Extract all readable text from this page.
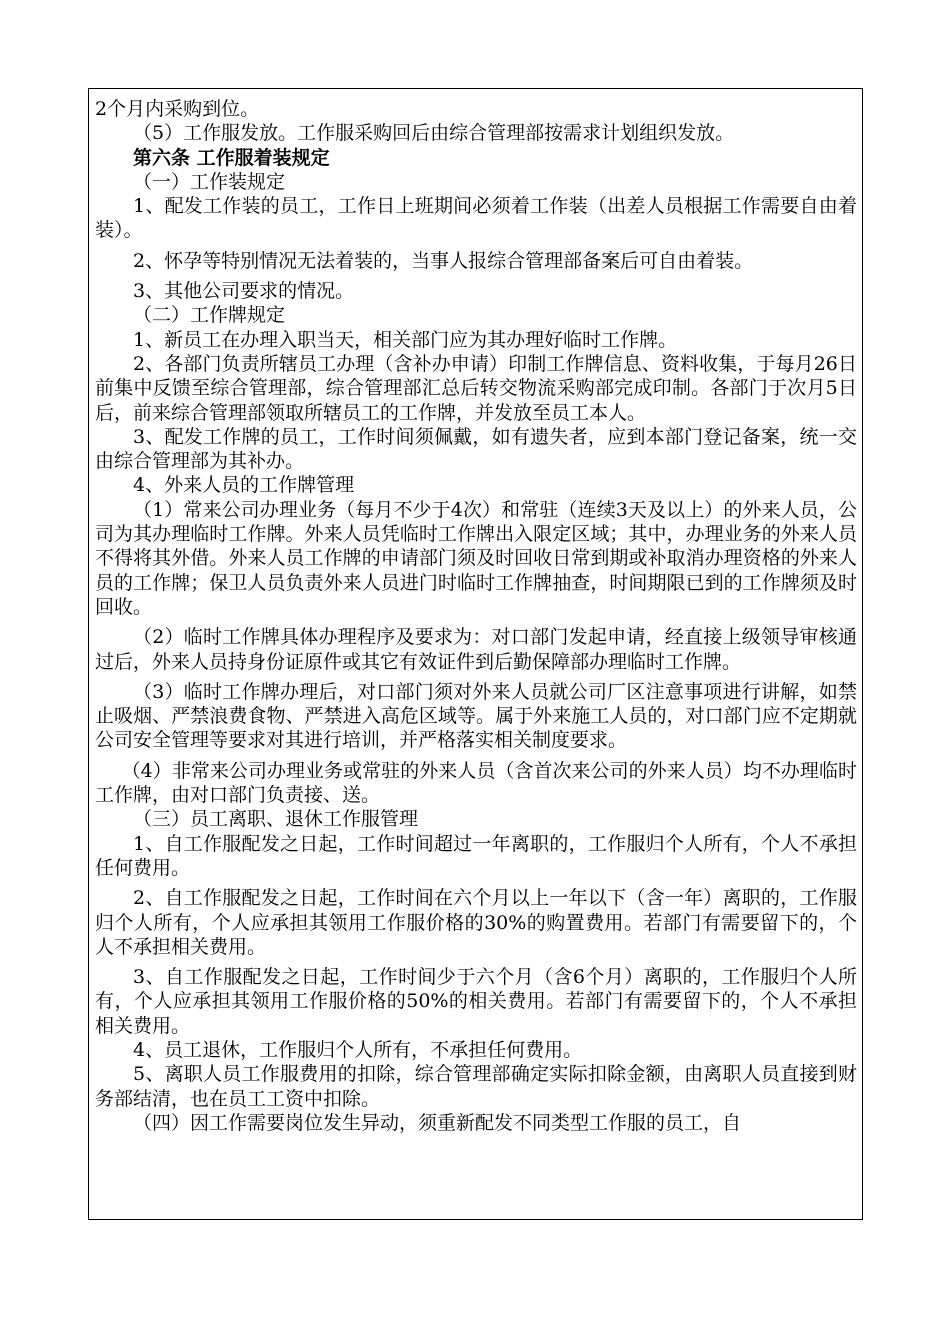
2个月内采购到位。

（5）工作服发放。工作服采购回后由综合管理部按需求计划组织发放。

第六条 工作服着装规定

（一）工作装规定

1、配发工作装的员工，工作日上班期间必须着工作装（出差人员根据工作需要自由着装）。

2、怀孕等特别情况无法着装的，当事人报综合管理部备案后可自由着装。

3、其他公司要求的情况。

（二）工作牌规定

1、新员工在办理入职当天，相关部门应为其办理好临时工作牌。

2、各部门负责所辖员工办理（含补办申请）印制工作牌信息、资料收集，于每月26日前集中反馈至综合管理部，综合管理部汇总后转交物流采购部完成印制。各部门于次月5日后，前来综合管理部领取所辖员工的工作牌，并发放至员工本人。

3、配发工作牌的员工，工作时间须佩戴，如有遗失者，应到本部门登记备案，统一交由综合管理部为其补办。

4、外来人员的工作牌管理

（1）常来公司办理业务（每月不少于4次）和常驻（连续3天及以上）的外来人员，公司为其办理临时工作牌。外来人员凭临时工作牌出入限定区域；其中，办理业务的外来人员不得将其外借。外来人员工作牌的申请部门须及时回收日常到期或补取消办理资格的外来人员的工作牌；保卫人员负责外来人员进门时临时工作牌抽查，时间期限已到的工作牌须及时回收。

（2）临时工作牌具体办理程序及要求为：对口部门发起申请，经直接上级领导审核通过后，外来人员持身份证原件或其它有效证件到后勤保障部办理临时工作牌。

（3）临时工作牌办理后，对口部门须对外来人员就公司厂区注意事项进行讲解，如禁止吸烟、严禁浪费食物、严禁进入高危区域等。属于外来施工人员的，对口部门应不定期就公司安全管理等要求对其进行培训，并严格落实相关制度要求。

（4）非常来公司办理业务或常驻的外来人员（含首次来公司的外来人员）均不办理临时工作牌，由对口部门负责接、送。

（三）员工离职、退休工作服管理

1、自工作服配发之日起，工作时间超过一年离职的，工作服归个人所有，个人不承担任何费用。

2、自工作服配发之日起，工作时间在六个月以上一年以下（含一年）离职的，工作服归个人所有，个人应承担其领用工作服价格的30%的购置费用。若部门有需要留下的，个人不承担相关费用。

3、自工作服配发之日起，工作时间少于六个月（含6个月）离职的，工作服归个人所有，个人应承担其领用工作服价格的50%的相关费用。若部门有需要留下的，个人不承担相关费用。

4、员工退休，工作服归个人所有，不承担任何费用。

5、离职人员工作服费用的扣除，综合管理部确定实际扣除金额，由离职人员直接到财务部结清，也在员工工资中扣除。

（四）因工作需要岗位发生异动，须重新配发不同类型工作服的员工，自
